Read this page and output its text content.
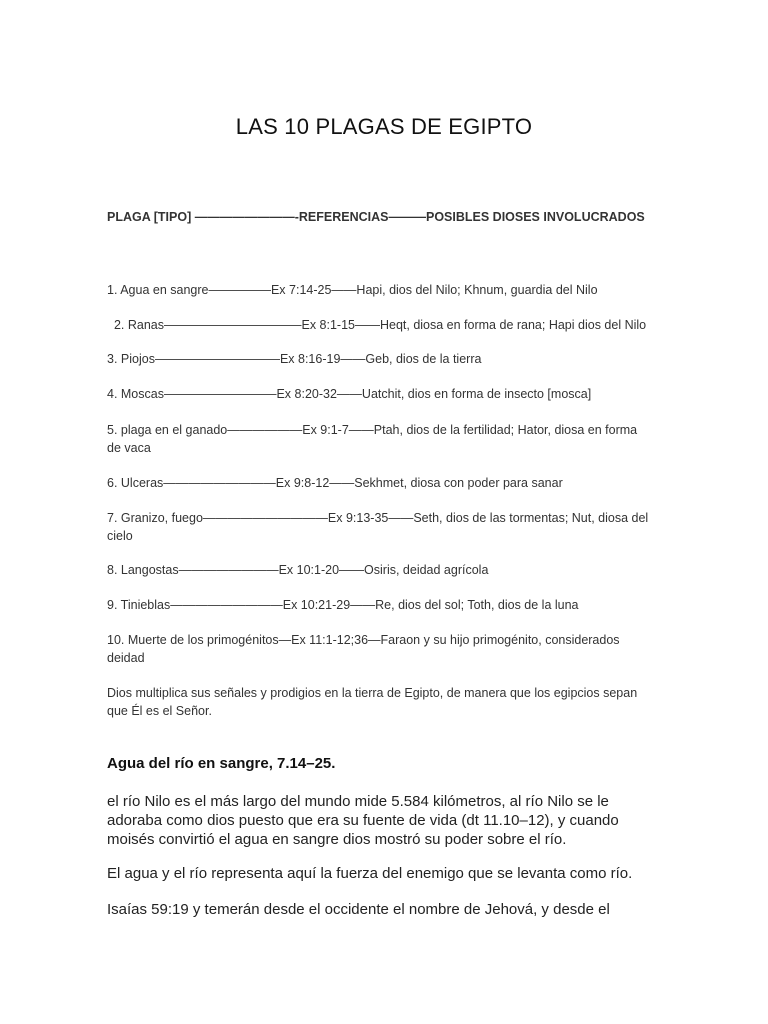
LAS 10 PLAGAS DE EGIPTO
PLAGA [TIPO] ————————-REFERENCIAS———POSIBLES DIOSES INVOLUCRADOS
1. Agua en sangre—————Ex 7:14-25——Hapi, dios del Nilo; Khnum, guardia del Nilo
2. Ranas———————————Ex 8:1-15——Heqt, diosa en forma de rana; Hapi dios del Nilo
3. Piojos——————————Ex 8:16-19——Geb, dios de la tierra
4. Moscas—————————Ex 8:20-32——Uatchit, dios en forma de insecto [mosca]
5. plaga en el ganado——————Ex 9:1-7——Ptah, dios de la fertilidad; Hator, diosa en forma
de vaca
6. Ulceras—————————Ex 9:8-12——Sekhmet, diosa con poder para sanar
7. Granizo, fuego——————————Ex 9:13-35——Seth, dios de las tormentas; Nut, diosa del
cielo
8. Langostas————————Ex 10:1-20——Osiris, deidad agrícola
9. Tinieblas—————————Ex 10:21-29——Re, dios del sol; Toth, dios de la luna
10. Muerte de los primogénitos—Ex 11:1-12;36—Faraon y su hijo primogénito, considerados
deidad
Dios multiplica sus señales y prodigios en la tierra de Egipto, de manera que los egipcios sepan
que Él es el Señor.
Agua del río en sangre, 7.14–25.
el río Nilo es el más largo del mundo mide 5.584 kilómetros, al río Nilo se le
adoraba como dios puesto que era su fuente de vida (dt 11.10–12), y cuando
moisés convirtió el agua en sangre dios mostró su poder sobre el río.
El agua y el río representa aquí la fuerza del enemigo que se levanta como río.
Isaías 59:19 y temerán desde el occidente el nombre de Jehová, y desde el
